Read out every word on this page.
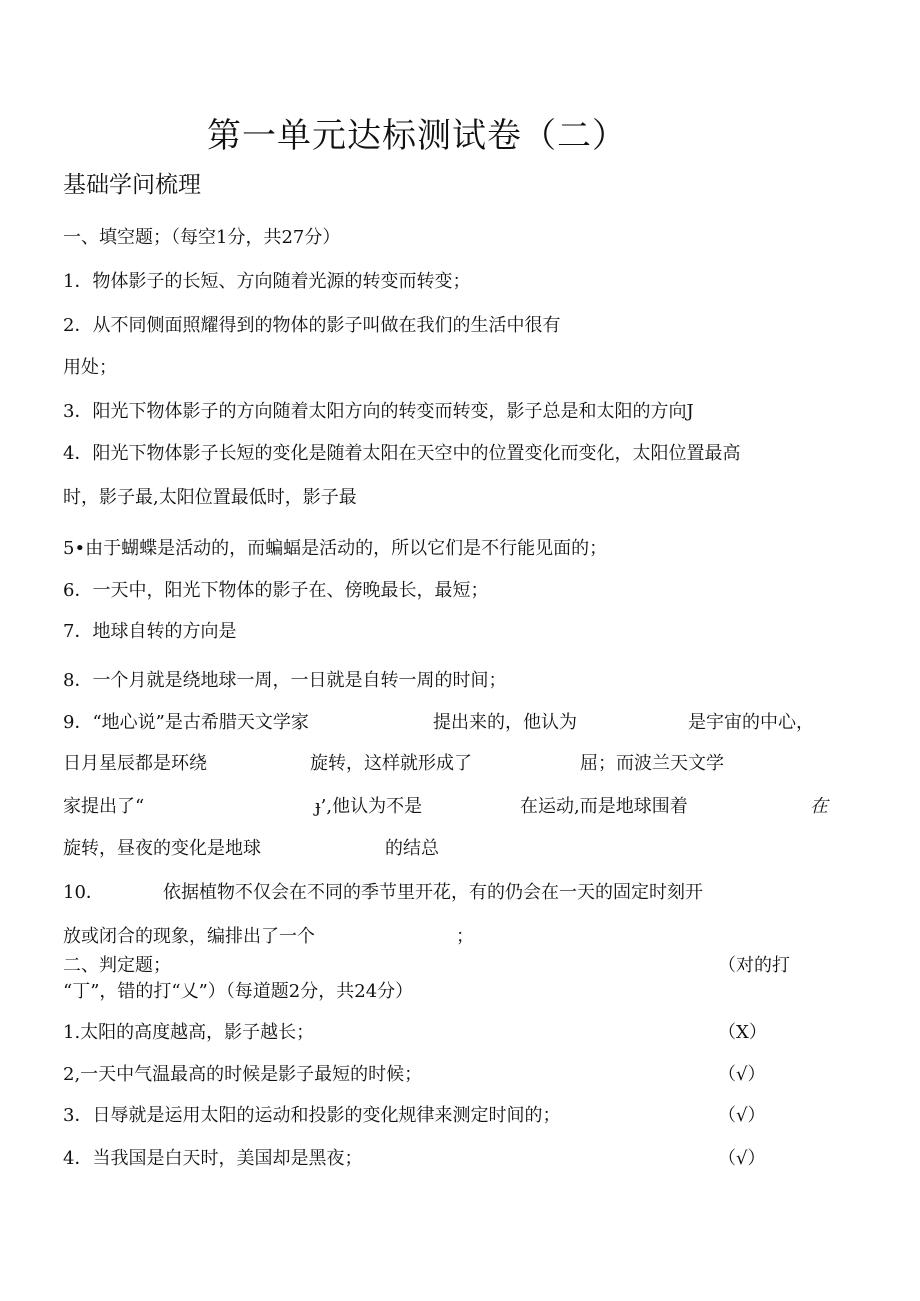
第一单元达标测试卷（二）
基础学问梳理
一、填空题；（每空1分，共27分）
1．物体影子的长短、方向随着光源的转变而转变；
2．从不同侧面照耀得到的物体的影子叫做在我们的生活中很有
用处；
3．阳光下物体影子的方向随着太阳方向的转变而转变，影子总是和太阳的方向J
4．阳光下物体影子长短的变化是随着太阳在天空中的位置变化而变化，太阳位置最高
时，影子最,太阳位置最低时，影子最
5•由于蝴蝶是活动的，而蝙蝠是活动的，所以它们是不行能见面的；
6．一天中，阳光下物体的影子在、傍晚最长，最短；
7．地球自转的方向是
8．一个月就是绕地球一周，一日就是自转一周的时间；
9．“地心说”是古希腊天文学家	提出来的，他认为	是宇宙的中心，
日月星辰都是环绕	旋转，这样就形成了	屈；而波兰天文学
家提出了“	ɟ’,他认为不是	在运动,而是地球围着	在
旋转，昼夜的变化是地球	的结总
10．	依据植物不仅会在不同的季节里开花，有的仍会在一天的固定时刻开
放或闭合的现象，编排出了一个	；
二、判定题；	（对的打
“丁”，错的打“乂”）（每道题2分，共24分）
1.太阳的高度越高，影子越长；	（X）
2,一天中气温最高的时候是影子最短的时候；	（√）
3．日辱就是运用太阳的运动和投影的变化规律来测定时间的；	（√）
4．当我国是白天时，美国却是黑夜；	（√）
